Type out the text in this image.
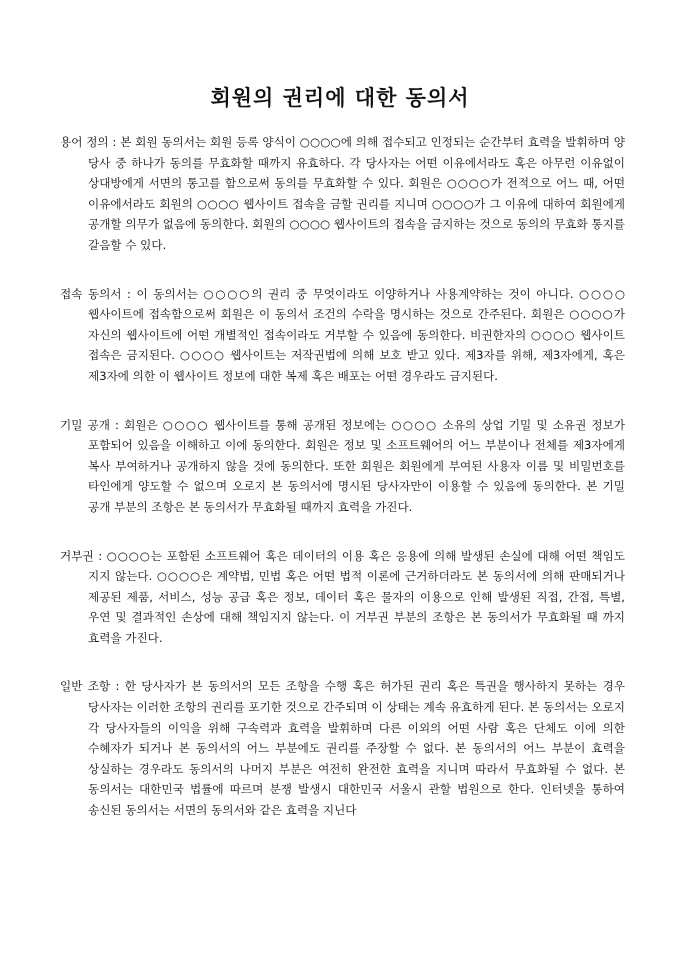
회원의 권리에 대한 동의서

용어 정의 : 본 회원 동의서는 회원 등록 양식이 ○○○○에 의해 접수되고 인정되는 순간부터 효력을 발휘하며 양 당사 중 하나가 동의를 무효화할 때까지 유효하다. 각 당사자는 어떤 이유에서라도 혹은 아무런 이유없이 상대방에게 서면의 통고를 함으로써 동의를 무효화할 수 있다. 회원은 ○○○○가 전적으로 어느 때, 어떤 이유에서라도 회원의 ○○○○ 웹사이트 접속을 금할 권리를 지니며 ○○○○가 그 이유에 대하여 회원에게 공개할 의무가 없음에 동의한다. 회원의 ○○○○ 웹사이트의 접속을 금지하는 것으로 동의의 무효화 통지를 갈음할 수 있다.

접속 동의서 : 이 동의서는 ○○○○의 권리 중 무엇이라도 이양하거나 사용계약하는 것이 아니다. ○○○○ 웹사이트에 접속함으로써 회원은 이 동의서 조건의 수락을 명시하는 것으로 간주된다. 회원은 ○○○○가 자신의 웹사이트에 어떤 개별적인 접속이라도 거부할 수 있음에 동의한다. 비권한자의 ○○○○ 웹사이트 접속은 금지된다. ○○○○ 웹사이트는 저작권법에 의해 보호 받고 있다. 제3자를 위해, 제3자에게, 혹은 제3자에 의한 이 웹사이트 정보에 대한 복제 혹은 배포는 어떤 경우라도 금지된다.

기밀 공개 : 회원은 ○○○○ 웹사이트를 통해 공개된 정보에는 ○○○○ 소유의 상업 기밀 및 소유권 정보가 포함되어 있음을 이해하고 이에 동의한다. 회원은 정보 및 소프트웨어의 어느 부분이나 전체를 제3자에게 복사 부여하거나 공개하지 않을 것에 동의한다. 또한 회원은 회원에게 부여된 사용자 이름 및 비밀번호를 타인에게 양도할 수 없으며 오로지 본 동의서에 명시된 당사자만이 이용할 수 있음에 동의한다. 본 기밀 공개 부분의 조항은 본 동의서가 무효화될 때까지 효력을 가진다.

거부권 : ○○○○는 포함된 소프트웨어 혹은 데이터의 이용 혹은 응용에 의해 발생된 손실에 대해 어떤 책임도 지지 않는다. ○○○○은 계약법, 민법 혹은 어떤 법적 이론에 근거하더라도 본 동의서에 의해 판매되거나 제공된 제품, 서비스, 성능 공급 혹은 정보, 데이터 혹은 물자의 이용으로 인해 발생된 직접, 간접, 특별, 우연 및 결과적인 손상에 대해 책임지지 않는다. 이 거부권 부분의 조항은 본 동의서가 무효화될 때 까지 효력을 가진다.

일반 조항 : 한 당사자가 본 동의서의 모든 조항을 수행 혹은 허가된 권리 혹은 특권을 행사하지 못하는 경우 당사자는 이러한 조항의 권리를 포기한 것으로 간주되며 이 상태는 계속 유효하게 된다. 본 동의서는 오로지 각 당사자들의 이익을 위해 구속력과 효력을 발휘하며 다른 이외의 어떤 사람 혹은 단체도 이에 의한 수혜자가 되거나 본 동의서의 어느 부분에도 권리를 주장할 수 없다. 본 동의서의 어느 부분이 효력을 상실하는 경우라도 동의서의 나머지 부분은 여전히 완전한 효력을 지니며 따라서 무효화될 수 없다. 본 동의서는 대한민국 법률에 따르며 분쟁 발생시 대한민국 서울시 관할 법원으로 한다. 인터넷을 통하여 송신된 동의서는 서면의 동의서와 같은 효력을 지닌다
